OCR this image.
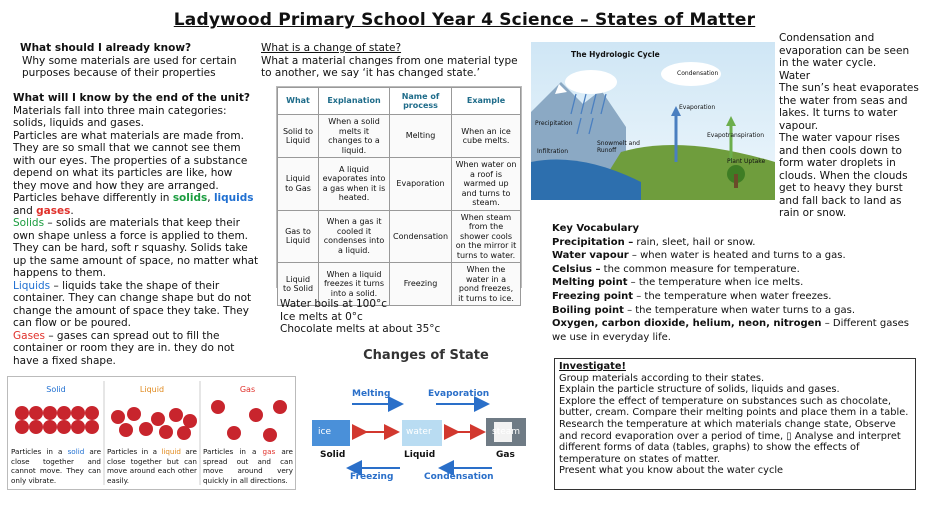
Ladywood Primary School Year 4 Science – States of Matter
What should I already know?
Why some materials are used for certain purposes because of their properties
What will I know by the end of the unit?
Materials fall into three main categories: solids, liquids and gases.
Particles are what materials are made from. They are so small that we cannot see them with our eyes. The properties of a substance depend on what its particles are like, how they move and how they are arranged. Particles behave differently in solids, liquids and gases.
Solids – solids are materials that keep their own shape unless a force is applied to them. They can be hard, soft r squashy. Solids take up the same amount of space, no matter what happens to them.
Liquids – liquids take the shape of their container. They can change shape but do not change the amount of space they take. They can flow or be poured.
Gases – gases can spread out to fill the container or room they are in. they do not have a fixed shape.
What is a change of state?
What a material changes from one material type to another, we say ‘it has changed state.’
What	Explanation	Name of process	Example
Solid to Liquid	When a solid melts it changes to a liquid.	Melting	When an ice cube melts.
Liquid to Gas	A liquid evaporates into a gas when it is heated.	Evaporation	When water on a roof is warmed up and turns to steam.
Gas to Liquid	When a gas it cooled it condenses into a liquid.	Condensation	When steam from the shower cools on the mirror it turns to water.
Liquid to Solid	When a liquid freezes it turns into a solid.	Freezing	When the water in a pond freezes, it turns to ice.
Water boils at 100°c
Ice melts at 0°c
Chocolate melts at about 35°c
The Hydrologic Cycle
Condensation
Precipitation
Evaporation
Infiltration
Snowmelt and Runoff
Evapotranspiration
Plant Uptake
Condensation and evaporation can be seen in the water cycle.
Water
The sun’s heat evaporates the water from seas and lakes. It turns to water vapour.
The water vapour rises and then cools down to form water droplets in clouds. When the clouds get to heavy they burst and fall back to land as rain or snow.
Key Vocabulary
Precipitation – rain, sleet, hail or snow.
Water vapour – when water is heated and turns to a gas.
Celsius – the common measure for temperature.
Melting point – the temperature when ice melts.
Freezing point – the temperature when water freezes.
Boiling point – the temperature when water turns to a gas.
Oxygen, carbon dioxide, helium, neon, nitrogen – Different gases we use in everyday life.
Solid	Liquid	Gas
Particles in a solid are close together and cannot move. They can only vibrate.
Particles in a liquid are close together but can move around each other easily.
Particles in a gas are spread out and can move around very quickly in all directions.
Changes of State
Melting	Evaporation
ice	water	steam
Solid	Liquid	Gas
Freezing	Condensation
Investigate!
Group materials according to their states.
Explain the particle structure of solids, liquids and gases.
Explore the effect of temperature on substances such as chocolate, butter, cream. Compare their melting points and place them in a table.
Research the temperature at which materials change state, Observe and record evaporation over a period of time, ▯ Analyse and interpret different forms of data (tables, graphs) to show the effects of temperature on states of matter.
Present what you know about the water cycle
